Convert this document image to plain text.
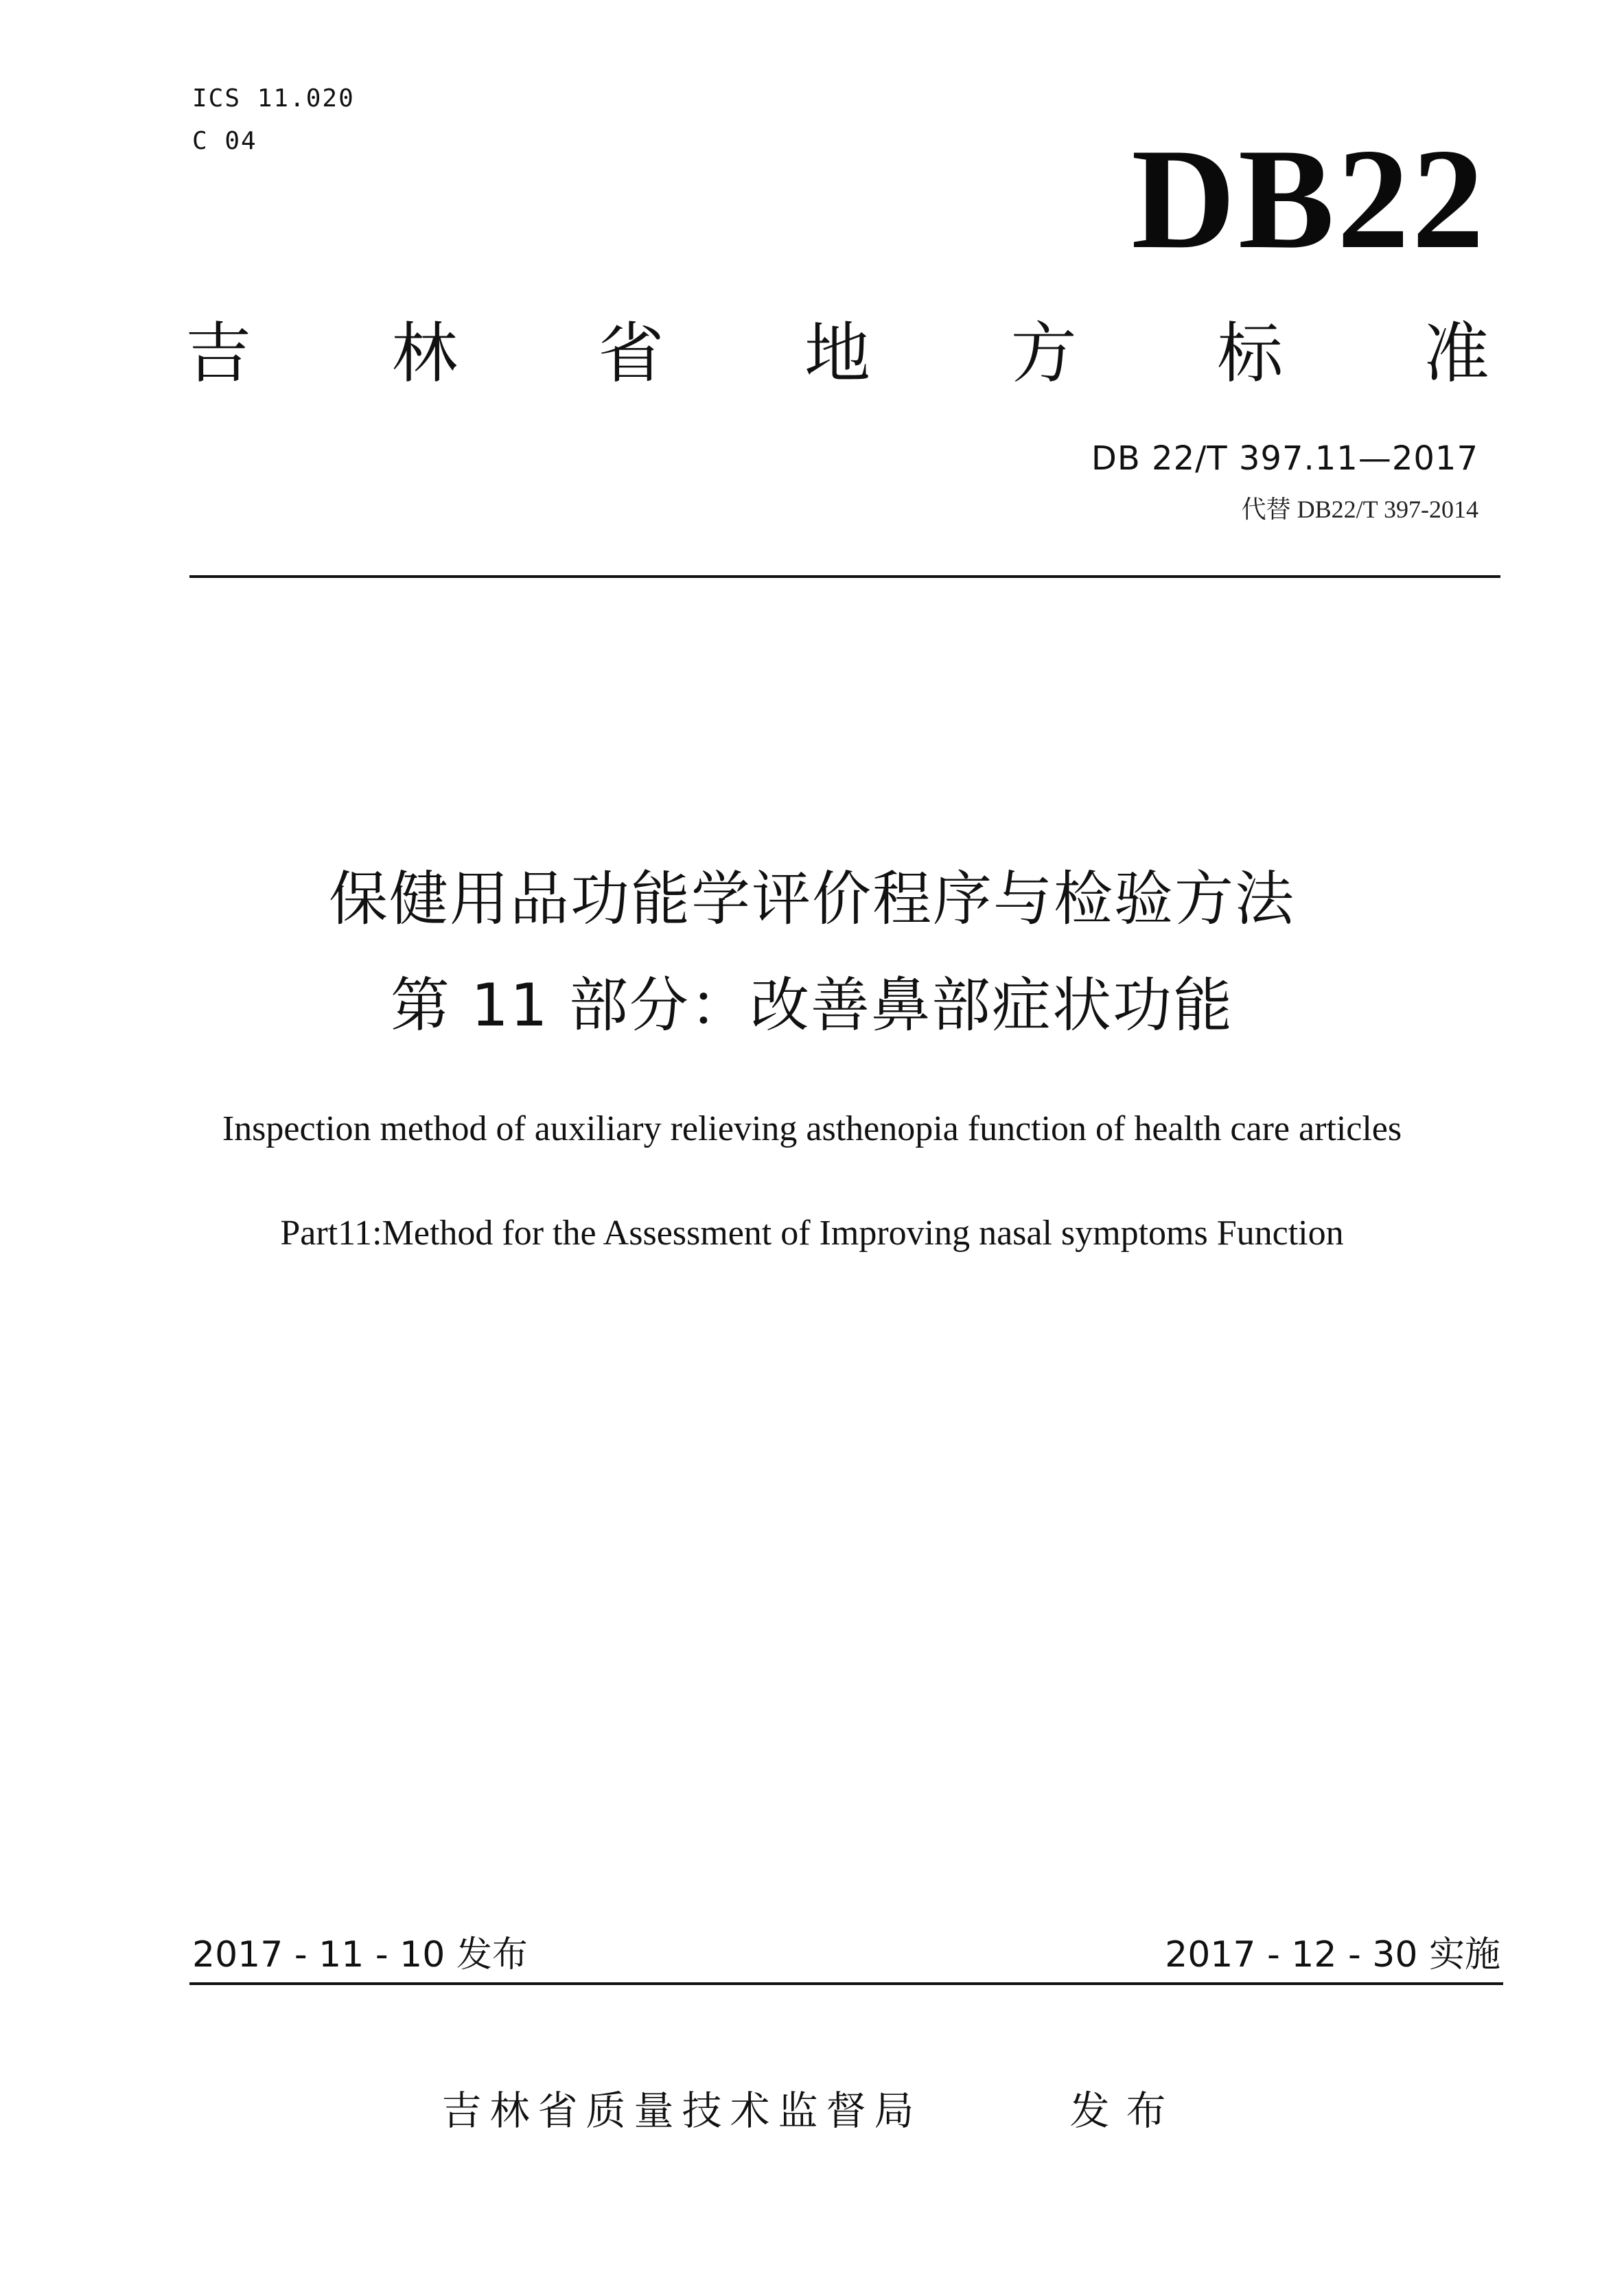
ICS 11.020
C 04	DB22
吉 林 省 地 方 标 准
DB 22/T 397.11—2017
代替 DB22/T 397-2014
保健用品功能学评价程序与检验方法
第 11 部分：改善鼻部症状功能
Inspection method of auxiliary relieving asthenopia function of health care articles
Part11:Method for the Assessment of Improving nasal symptoms Function
2017 - 11 - 10 发布	2017 - 12 - 30 实施
吉林省质量技术监督局	发布
